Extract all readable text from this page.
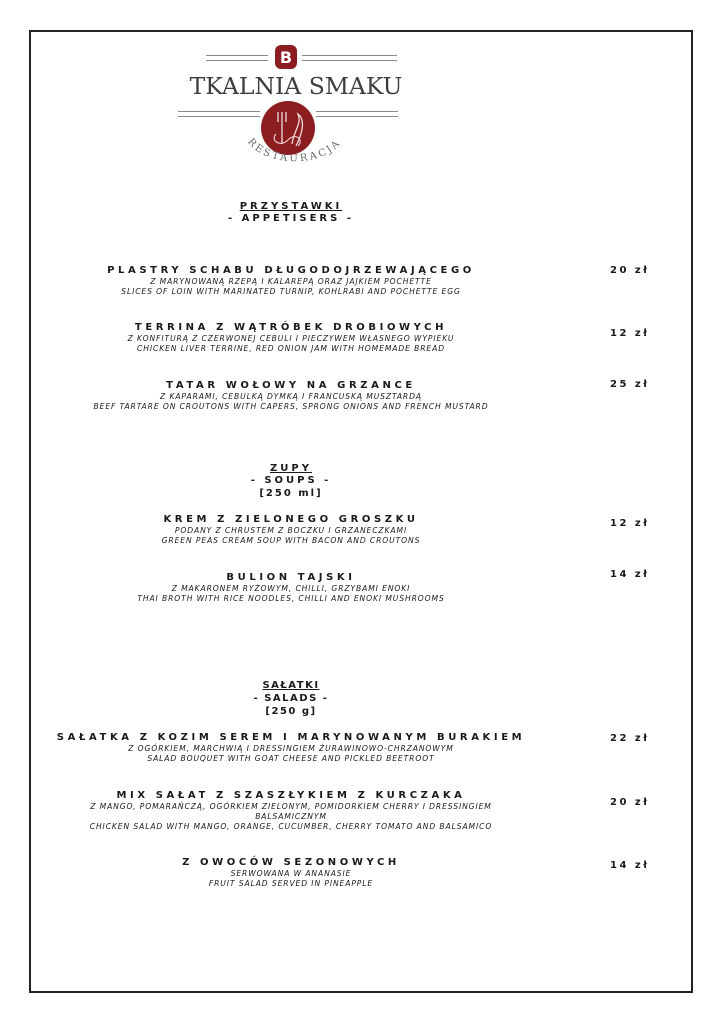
B
TKALNIA SMAKU
RESTAURACJA
PRZYSTAWKI
- APPETISERS -
PLASTRY SCHABU DŁUGODOJRZEWAJĄCEGO
Z MARYNOWANĄ RZEPĄ I KALAREPĄ ORAZ JAJKIEM POCHETTE
SLICES OF LOIN WITH MARINATED TURNIP, KOHLRABI AND POCHETTE EGG
20 zł
TERRINA Z WĄTRÓBEK DROBIOWYCH
Z KONFITURĄ Z CZERWONEJ CEBULI I PIECZYWEM WŁASNEGO WYPIEKU
CHICKEN LIVER TERRINE, RED ONION JAM WITH HOMEMADE BREAD
12 zł
TATAR WOŁOWY NA GRZANCE
Z KAPARAMI, CEBULKĄ DYMKĄ I FRANCUSKĄ MUSZTARDĄ
BEEF TARTARE ON CROUTONS WITH CAPERS, SPRONG ONIONS AND FRENCH MUSTARD
25 zł
ZUPY
- SOUPS -
[250 ml]
KREM Z ZIELONEGO GROSZKU
PODANY Z CHRUSTEM Z BOCZKU I GRZANECZKAMI
GREEN PEAS CREAM SOUP WITH BACON AND CROUTONS
12 zł
BULION TAJSKI
Z MAKARONEM RYŻOWYM, CHILLI, GRZYBAMI ENOKI
THAI BROTH WITH RICE NOODLES, CHILLI AND ENOKI MUSHROOMS
14 zł
SAŁATKI
- SALADS -
[250 g]
SAŁATKA Z KOZIM SEREM I MARYNOWANYM BURAKIEM
Z OGÓRKIEM, MARCHWIĄ I DRESSINGIEM ŻURAWINOWO-CHRZANOWYM
SALAD BOUQUET WITH GOAT CHEESE AND PICKLED BEETROOT
22 zł
MIX SAŁAT Z SZASZŁYKIEM Z KURCZAKA
Z MANGO, POMARAŃCZĄ, OGÓRKIEM ZIELONYM, POMIDORKIEM CHERRY I DRESSINGIEM
BALSAMICZNYM
CHICKEN SALAD WITH MANGO, ORANGE, CUCUMBER, CHERRY TOMATO AND BALSAMICO
20 zł
Z OWOCÓW SEZONOWYCH
SERWOWANA W ANANASIE
FRUIT SALAD SERVED IN PINEAPPLE
14 zł
